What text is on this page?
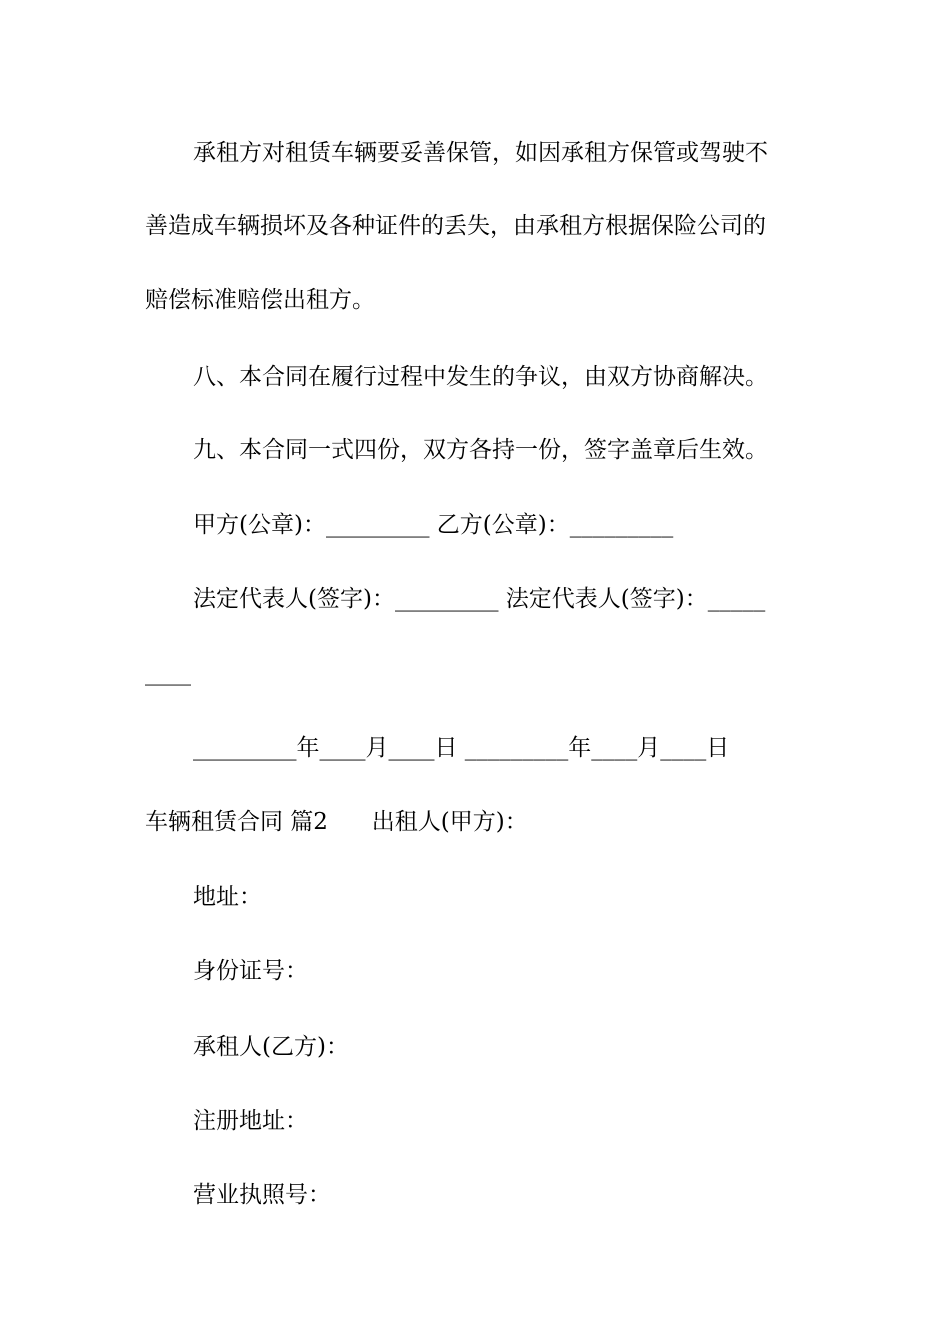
承租方对租赁车辆要妥善保管，如因承租方保管或驾驶不
善造成车辆损坏及各种证件的丢失，由承租方根据保险公司的
赔偿标准赔偿出租方。
八、本合同在履行过程中发生的争议，由双方协商解决。
九、本合同一式四份，双方各持一份，签字盖章后生效。
甲方(公章)：_________ 乙方(公章)：_________
法定代表人(签字)：_________ 法定代表人(签字)：_____
____
_________年____月____日 _________年____月____日
车辆租赁合同 篇2      出租人(甲方)：
地址：
身份证号：
承租人(乙方)：
注册地址：
营业执照号：
